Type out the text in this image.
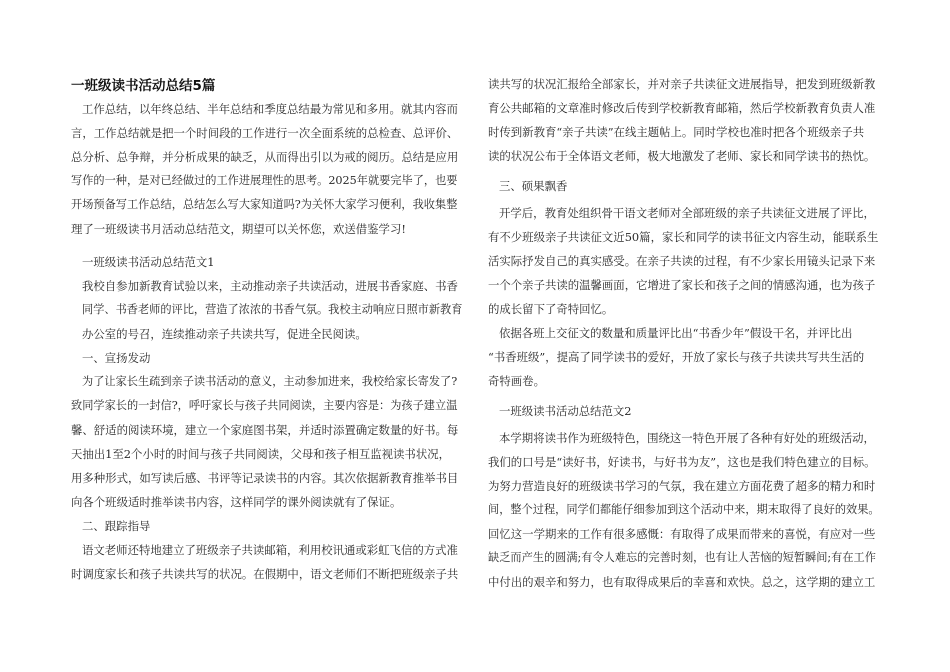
一班级读书活动总结5篇
工作总结，以年终总结、半年总结和季度总结最为常见和多用。就其内容而
言，工作总结就是把一个时间段的工作进行一次全面系统的总检查、总评价、
总分析、总争辩，并分析成果的缺乏，从而得出引以为戒的阅历。总结是应用
写作的一种，是对已经做过的工作进展理性的思考。2025年就要完毕了，也要
开场预备写工作总结，总结怎么写大家知道吗?为关怀大家学习便利，我收集整
理了一班级读书月活动总结范文，期望可以关怀您，欢送借鉴学习!
一班级读书活动总结范文1
我校自参加新教育试验以来，主动推动亲子共读活动，进展书香家庭、书香
同学、书香老师的评比，营造了浓浓的书香气氛。我校主动响应日照市新教育
办公室的号召，连续推动亲子共读共写，促进全民阅读。
一、宣扬发动
为了让家长生疏到亲子读书活动的意义，主动参加进来，我校给家长寄发了?
致同学家长的一封信?，呼吁家长与孩子共同阅读，主要内容是：为孩子建立温
馨、舒适的阅读环境，建立一个家庭图书架，并适时添置确定数量的好书。每
天抽出1至2个小时的时间与孩子共同阅读，父母和孩子相互监视读书状况，
用多种形式，如写读后感、书评等记录读书的内容。其次依据新教育推举书目
向各个班级适时推举读书内容，这样同学的课外阅读就有了保证。
二、跟踪指导
语文老师还特地建立了班级亲子共读邮箱，利用校讯通或彩虹飞信的方式准
时调度家长和孩子共读共写的状况。在假期中，语文老师们不断把班级亲子共
读共写的状况汇报给全部家长，并对亲子共读征文进展指导，把发到班级新教
育公共邮箱的文章准时修改后传到学校新教育邮箱，然后学校新教育负责人准
时传到新教育“亲子共读”在线主题帖上。同时学校也准时把各个班级亲子共
读的状况公布于全体语文老师，极大地激发了老师、家长和同学读书的热忱。
三、硕果飘香
开学后，教育处组织骨干语文老师对全部班级的亲子共读征文进展了评比，
有不少班级亲子共读征文近50篇，家长和同学的读书征文内容生动，能联系生
活实际抒发自己的真实感受。在亲子共读的过程，有不少家长用镜头记录下来
一个个亲子共读的温馨画面，它增进了家长和孩子之间的情感沟通，也为孩子
的成长留下了奇特回忆。
依据各班上交征文的数量和质量评比出“书香少年”假设干名，并评比出
“书香班级”，提高了同学读书的爱好，开放了家长与孩子共读共写共生活的
奇特画卷。
一班级读书活动总结范文2
本学期将读书作为班级特色，围绕这一特色开展了各种有好处的班级活动，
我们的口号是“读好书，好读书，与好书为友”，这也是我们特色建立的目标。
为努力营造良好的班级读书学习的气氛，我在建立方面花费了超多的精力和时
间，整个过程，同学们都能仔细参加到这个活动中来，期末取得了良好的效果。
回忆这一学期来的工作有很多感慨：有取得了成果而带来的喜悦，有应对一些
缺乏而产生的圆满;有令人难忘的完善时刻，也有让人苦恼的短暂瞬间;有在工作
中付出的艰辛和努力，也有取得成果后的幸喜和欢快。总之，这学期的建立工
